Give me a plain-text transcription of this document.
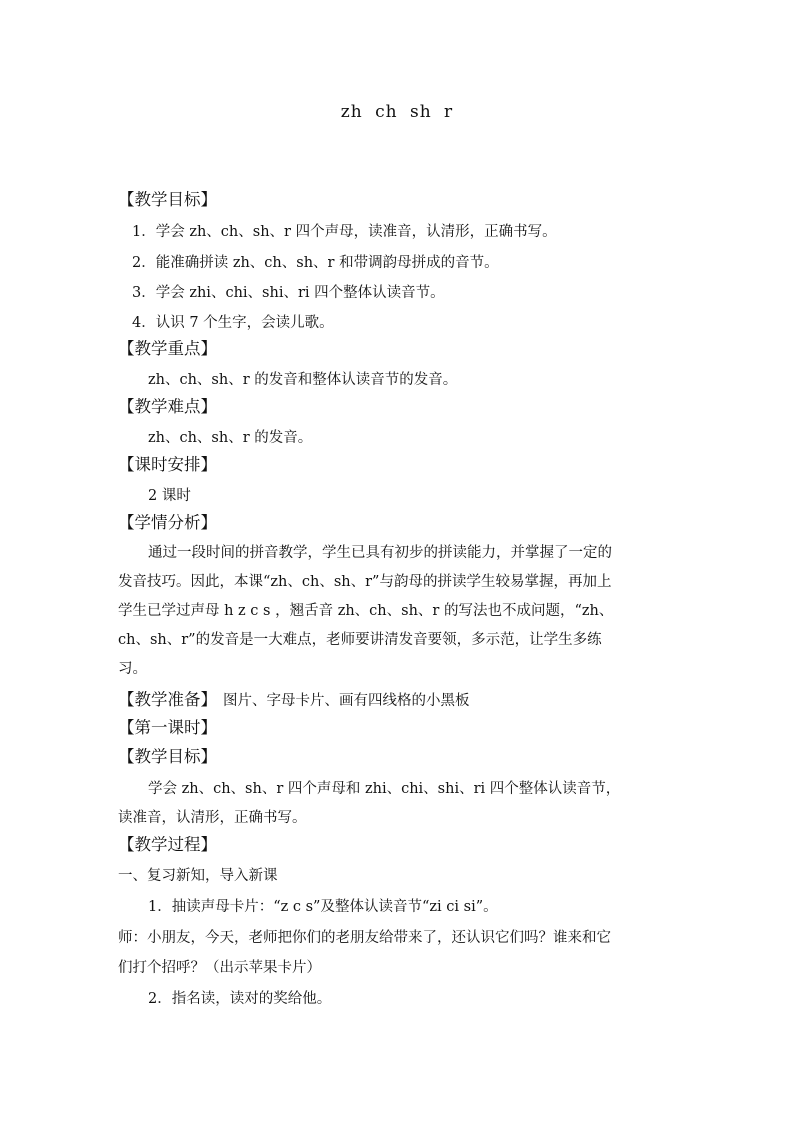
zh ch sh r
【教学目标】
1．学会 zh、ch、sh、r 四个声母，读准音，认清形，正确书写。
2．能准确拼读 zh、ch、sh、r 和带调韵母拼成的音节。
3．学会 zhi、chi、shi、ri 四个整体认读音节。
4．认识 7 个生字，会读儿歌。
【教学重点】
zh、ch、sh、r 的发音和整体认读音节的发音。
【教学难点】
zh、ch、sh、r 的发音。
【课时安排】
2 课时
【学情分析】
通过一段时间的拼音教学，学生已具有初步的拼读能力，并掌握了一定的
发音技巧。因此，本课“zh、ch、sh、r”与韵母的拼读学生较易掌握，再加上
学生已学过声母 h z c s ，翘舌音 zh、ch、sh、r 的写法也不成问题，“zh、
ch、sh、r”的发音是一大难点，老师要讲清发音要领，多示范，让学生多练
习。
【教学准备】 图片、字母卡片、画有四线格的小黑板
【第一课时】
【教学目标】
学会 zh、ch、sh、r 四个声母和 zhi、chi、shi、ri 四个整体认读音节，
读准音，认清形，正确书写。
【教学过程】
一、复习新知，导入新课
1．抽读声母卡片：“z c s”及整体认读音节“zi ci si”。
师：小朋友，今天，老师把你们的老朋友给带来了，还认识它们吗？谁来和它
们打个招呼？（出示苹果卡片）
2．指名读，读对的奖给他。
